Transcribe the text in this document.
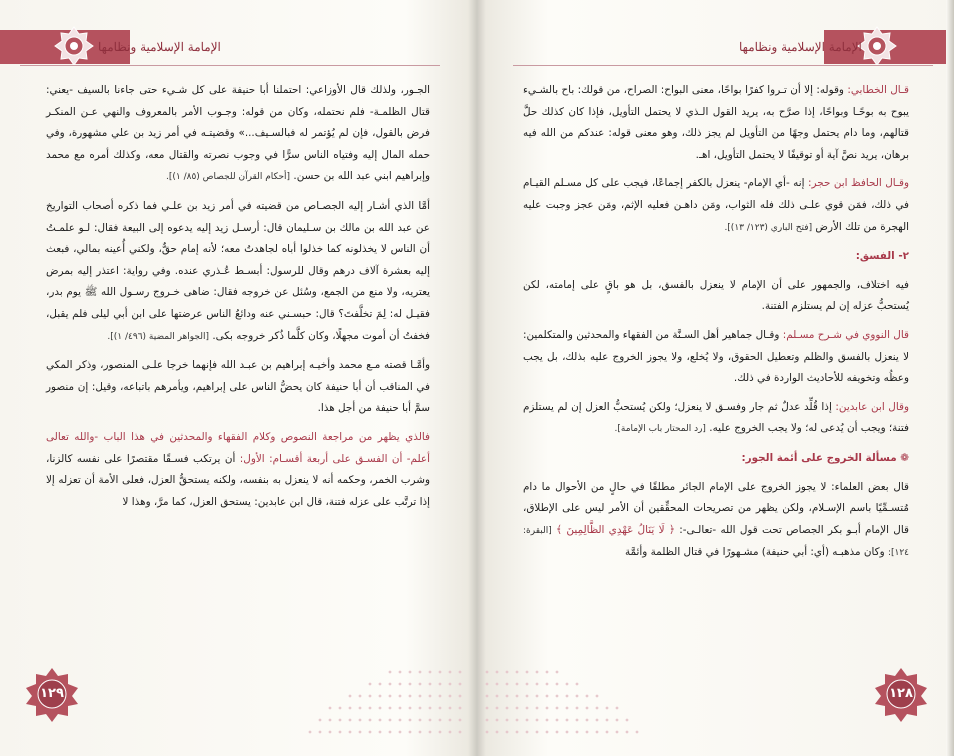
الإمامة الإسلامية ونظامها

الجـور، ولذلك قال الأوزاعي: احتملنا أبا حنيفة على كل شـيء حتى جاءنا بالسيف -يعني: قتال الظلمـة- فلم نحتمله، وكان من قوله: وجـوب الأمر بالمعروف والنهي عـن المنكـر فرض بالقول، فإن لم يُؤتمر له فبالسـيف...» وقضيتـه في أمر زيد بن علي مشهورة، وفي حمله المال إليه وفتياه الناس سرًّا في وجوب نصرته والقتال معه، وكذلك أمره مع محمد وإبراهيم ابني عبد الله بن حسن. [أحكام القرآن للجصاص (٨٥/ ١)].

أمَّا الذي أشـار إليه الجصـاص من قضيته في أمر زيد بن علـي فما ذكره أصحاب التواريخ عن عبد الله بن مالك بن سـليمان قال: أرسـل زيد إليه يدعوه إلى البيعة فقال: لـو علمـتُ أن الناس لا يخذلونه كما خذلوا أباه لجاهدتُ معه؛ لأنه إمام حقٌّ، ولكني أُعينه بمالي، فبعث إليه بعشرة آلاف درهم وقال للرسول: أبسـط عُـذري عنده. وفي رواية: اعتذر إليه بمرض يعتريه، ولا منع من الجمع، وسُئل عن خروجه فقال: ضاهى خـروج رسـول الله ﷺ يوم بدر، فقيـل له: لِمَ تخلَّفتَ؟ قال: حبسـني عنه ودائعُ الناس عرضتها على ابن أبي ليلى فلم يقبل، فخفتُ أن أموت مجهلًا، وكان كلَّما ذُكر خروجه بكى. [الجواهر المضية (٤٩٦/ ١)].

وأمَّـا قصته مـع محمد وأخيـه إبراهيم بن عبـد الله فإنهما خرجا علـى المنصور، وذكر المكي في المناقب أن أبا حنيفة كان يحضُّ الناس على إبراهيم، ويأمرهم باتباعه، وقيل: إن منصور سمَّ أبا حنيفة من أجل هذا.

فالذي يظهر من مراجعة النصوص وكلام الفقهاء والمحدثين في هذا الباب -والله تعالى أعلم- أن الفسـق على أربعة أقسـام: الأول: أن يرتكب فسـقًا مقتصرًا على نفسه كالزنا، وشرب الخمر، وحكمه أنه لا ينعزل به بنفسه، ولكنه يستحقُّ العزل، فعلى الأمة أن تعزله إلا إذا ترتَّب على عزله فتنة، قال ابن عابدين: يستحق العزل، كما مرَّ، وهذا لا

١٢٩
الإمامة الإسلامية ونظامها

قـال الخطابي: وقوله: إلا أن تـروا كفرًا بواحًا، معنى البواح: الصراح، من قولك: باح بالشـيء يبوح به بوحًـا وبواحًا، إذا صرَّح به، يريد القول الـذي لا يحتمل التأويل، فإذا كان كذلك حلَّ قتالهم، وما دام يحتمل وجهًا من التأويل لم يجز ذلك، وهو معنى قوله: عندكم من الله فيه برهان، يريد نصَّ آية أو توقيفًا لا يحتمل التأويل، اهـ.

وقـال الحافظ ابن حجر: إنه -أي الإمام- ينعزل بالكفر إجماعًا، فيجب على كل مسـلم القيـام في ذلك، فمَن قوي علـى ذلك فله الثواب، ومَن داهـن فعليه الإثم، ومَن عجز وجبت عليه الهجرة من تلك الأرض [فتح الباري (١٢٣/ ١٣)].

٢- الفسق:

فيه اختلاف، والجمهور على أن الإمام لا ينعزل بالفسق، بل هو باقٍ على إمامته، لكن يُستحبُّ عزله إن لم يستلزم الفتنة.

قال النووي في شـرح مسـلم: وقـال جماهير أهل السـنَّة من الفقهاء والمحدثين والمتكلمين: لا ينعزل بالفسق والظلم وتعطيل الحقوق، ولا يُخلع، ولا يجوز الخروج عليه بذلك، بل يجب وعظُه وتخويفه للأحاديث الواردة في ذلك.

وقال ابن عابدين: إذا قُلِّد عدلٌ ثم جار وفسـق لا ينعزل؛ ولكن يُستحبُّ العزل إن لم يستلزم فتنة؛ ويجب أن يُدعى له؛ ولا يجب الخروج عليه. [رد المحتار باب الإمامة].

❁ مسألة الخروج على أئمة الجور:

قال بعض العلماء: لا يجوز الخروج على الإمام الجائر مطلقًا في حالٍ من الأحوال ما دام مُتسـمِّيًا باسم الإسـلام، ولكن يظهر من تصريحات المحقِّقين أن الأمر ليس على الإطلاق، قال الإمام أبـو بكر الجصاص تحت قول الله -تعالـى-: ﴿ لَا يَنَالُ عَهْدِي الظَّالِمِينَ ﴾ [البقرة: ١٢٤]: وكان مذهبـه (أي: أبي حنيفة) مشـهورًا في قتال الظلمة وأئمَّة

١٢٨
